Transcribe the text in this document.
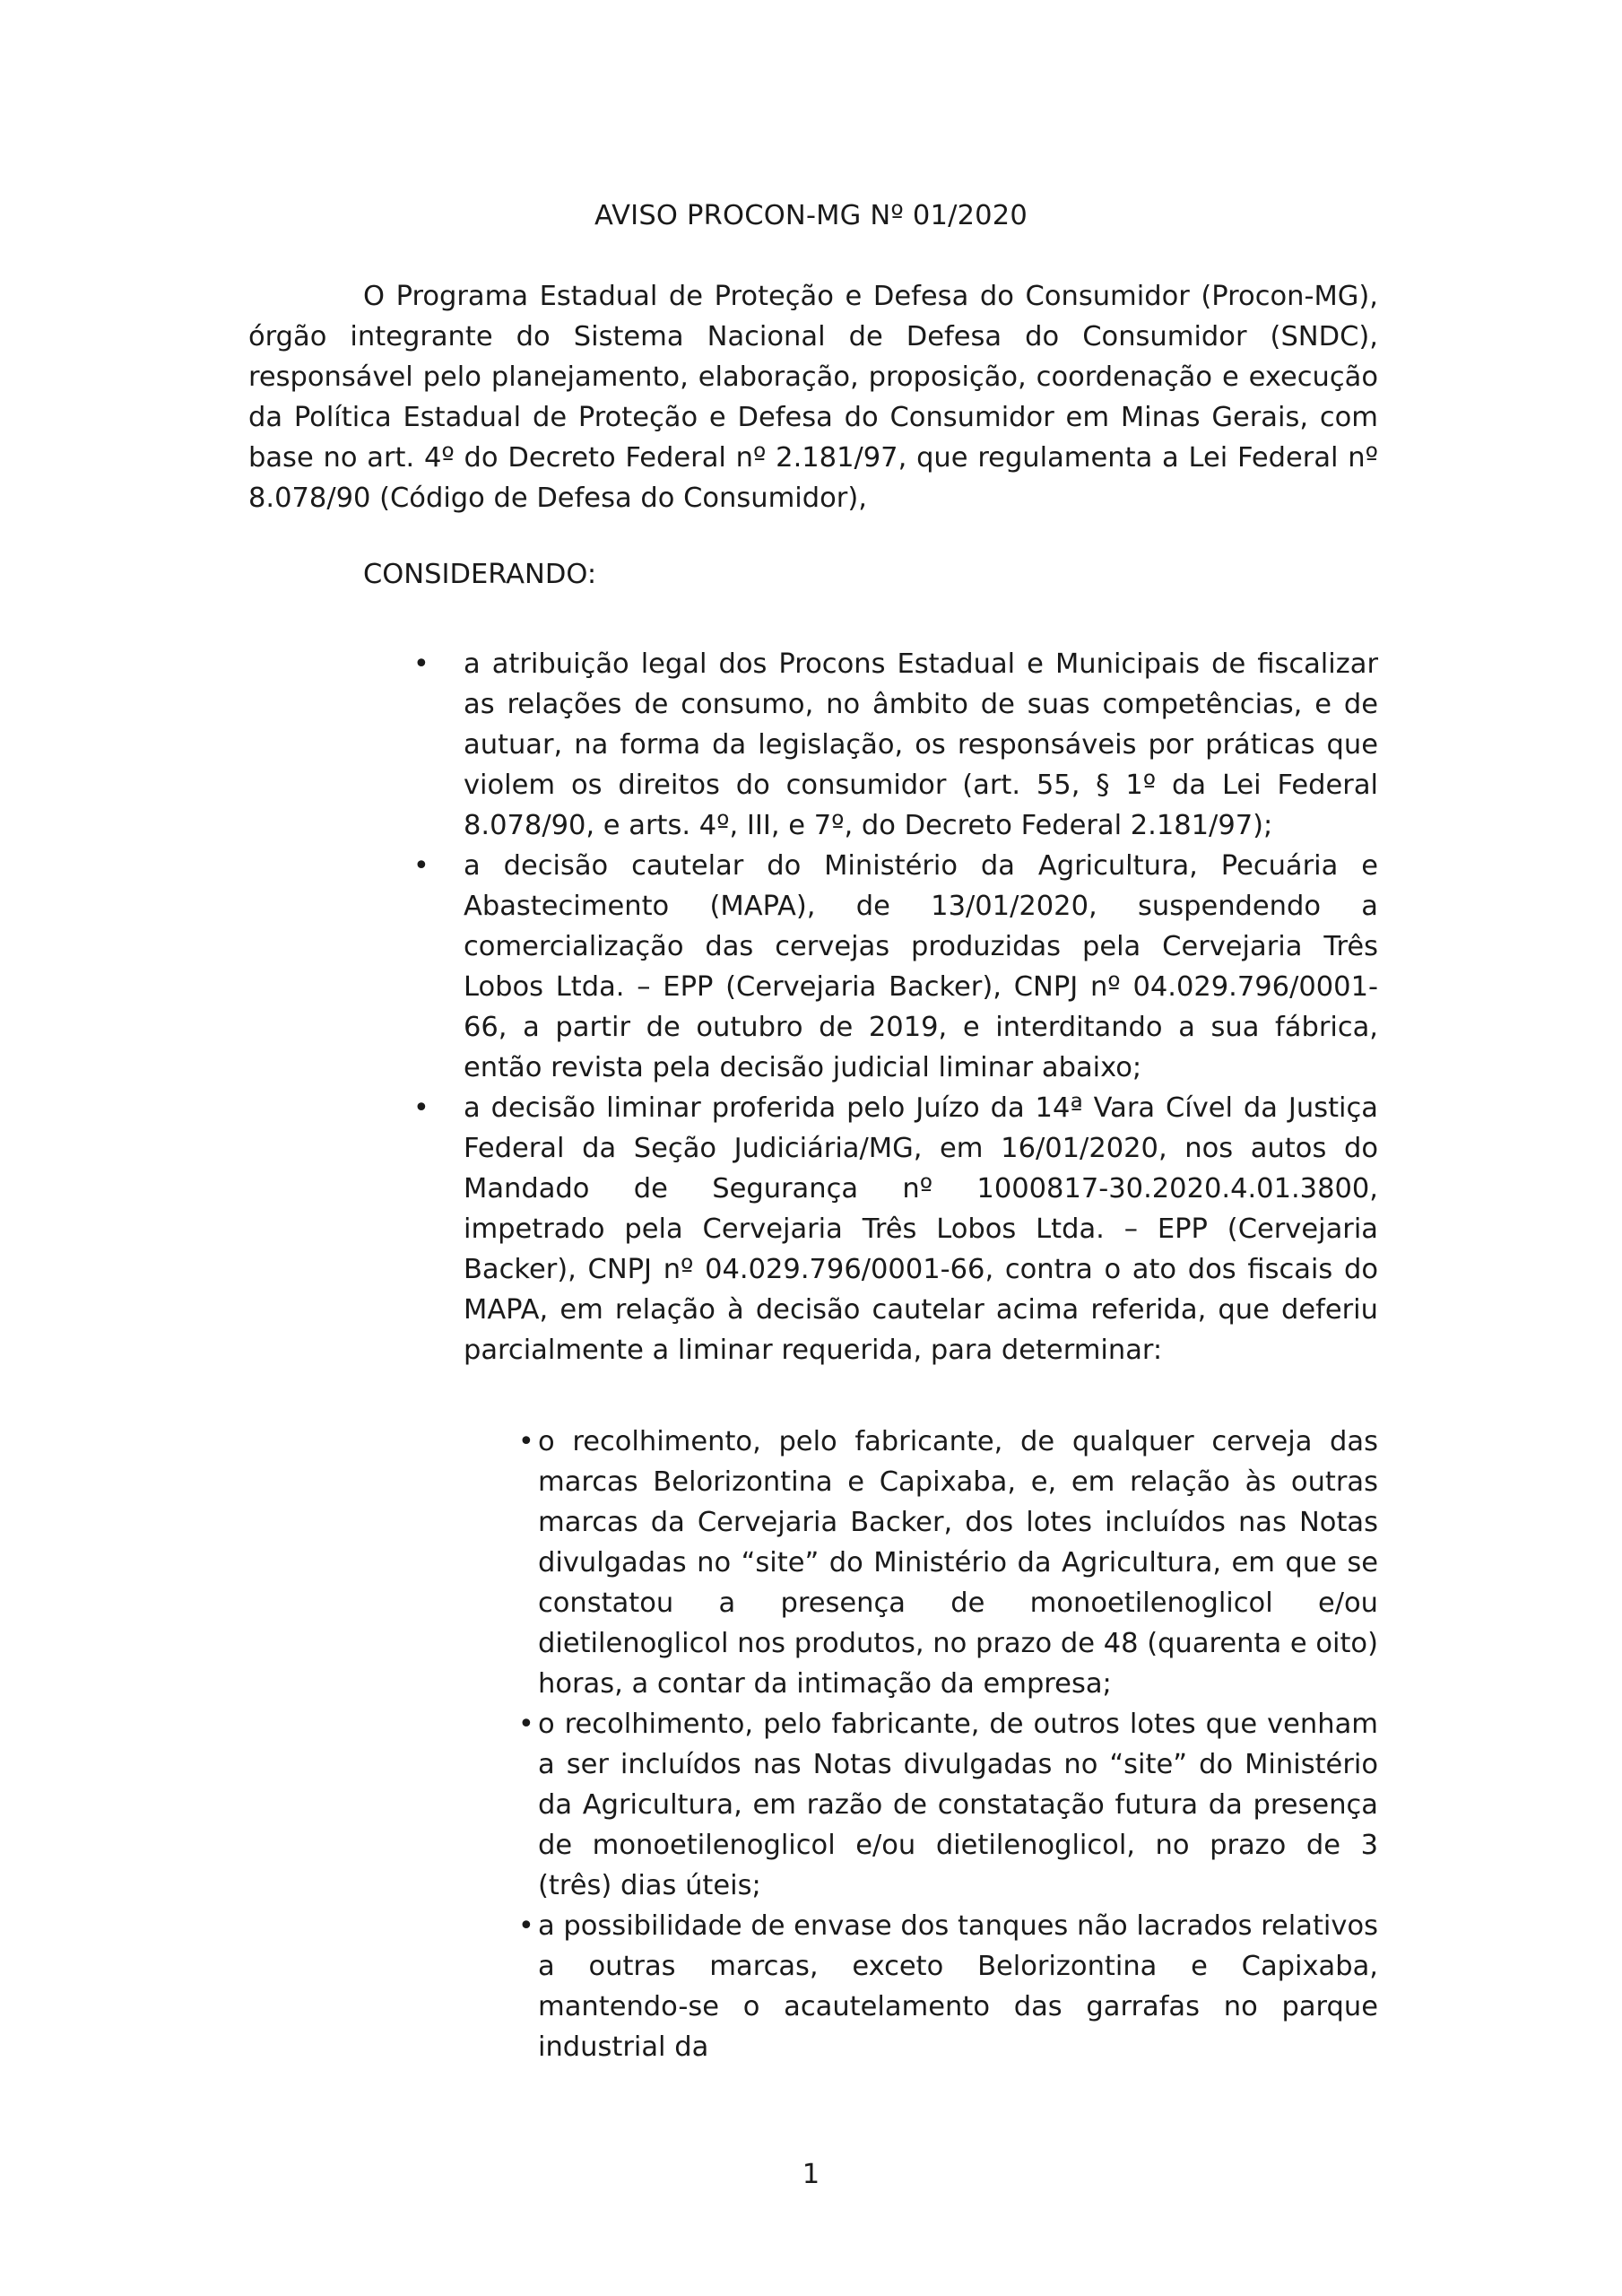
AVISO PROCON-MG Nº 01/2020

O Programa Estadual de Proteção e Defesa do Consumidor (Procon-MG), órgão integrante do Sistema Nacional de Defesa do Consumidor (SNDC), responsável pelo planejamento, elaboração, proposição, coordenação e execução da Política Estadual de Proteção e Defesa do Consumidor em Minas Gerais, com base no art. 4º do Decreto Federal nº 2.181/97, que regulamenta a Lei Federal nº 8.078/90 (Código de Defesa do Consumidor),

CONSIDERANDO:
• a atribuição legal dos Procons Estadual e Municipais de fiscalizar as relações de consumo, no âmbito de suas competências, e de autuar, na forma da legislação, os responsáveis por práticas que violem os direitos do consumidor (art. 55, § 1º da Lei Federal 8.078/90, e arts. 4º, III, e 7º, do Decreto Federal 2.181/97);
• a decisão cautelar do Ministério da Agricultura, Pecuária e Abastecimento (MAPA), de 13/01/2020, suspendendo a comercialização das cervejas produzidas pela Cervejaria Três Lobos Ltda. – EPP (Cervejaria Backer), CNPJ nº 04.029.796/0001-66, a partir de outubro de 2019, e interditando a sua fábrica, então revista pela decisão judicial liminar abaixo;
• a decisão liminar proferida pelo Juízo da 14ª Vara Cível da Justiça Federal da Seção Judiciária/MG, em 16/01/2020, nos autos do Mandado de Segurança nº 1000817-30.2020.4.01.3800, impetrado pela Cervejaria Três Lobos Ltda. – EPP (Cervejaria Backer), CNPJ nº 04.029.796/0001-66, contra o ato dos fiscais do MAPA, em relação à decisão cautelar acima referida, que deferiu parcialmente a liminar requerida, para determinar:
• o recolhimento, pelo fabricante, de qualquer cerveja das marcas Belorizontina e Capixaba, e, em relação às outras marcas da Cervejaria Backer, dos lotes incluídos nas Notas divulgadas no “site” do Ministério da Agricultura, em que se constatou a presença de monoetilenoglicol e/ou dietilenoglicol nos produtos, no prazo de 48 (quarenta e oito) horas, a contar da intimação da empresa;
• o recolhimento, pelo fabricante, de outros lotes que venham a ser incluídos nas Notas divulgadas no “site” do Ministério da Agricultura, em razão de constatação futura da presença de monoetilenoglicol e/ou dietilenoglicol, no prazo de 3 (três) dias úteis;
• a possibilidade de envase dos tanques não lacrados relativos a outras marcas, exceto Belorizontina e Capixaba, mantendo-se o acautelamento das garrafas no parque industrial da
1
